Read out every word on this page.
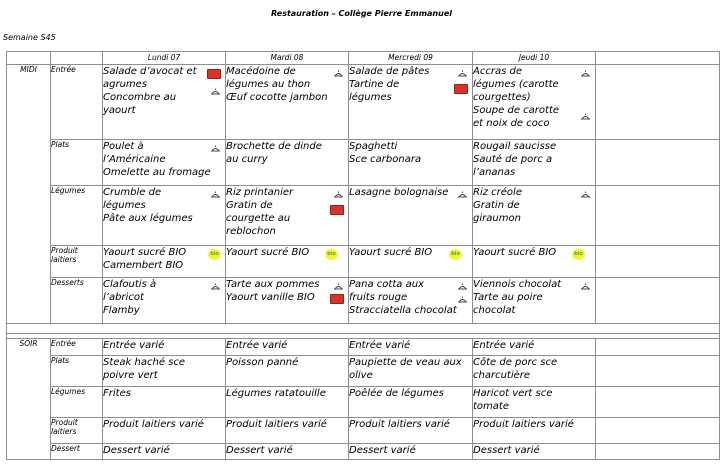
Restauration – Collège Pierre Emmanuel
Semaine S45
		Lundi 07	Mardi 08	Mercredi 09	Jeudi 10	
MIDI	Entrée	Salade d’avocat et
agrumes
Concombre au
yaourt	Macédoine de
légumes au thon
Œuf cocotte jambon	Salade de pâtes
Tartine de
légumes	Accras de
légumes (carotte
courgettes)
Soupe de carotte
et noix de coco	

	Plats	Poulet à
l’Américaine
Omelette au fromage	Brochette de dinde
au curry	Spaghetti
Sce carbonara	Rougail saucisse
Sauté de porc a
l’ananas	

	Légumes	Crumble de
légumes
Pâte aux légumes	Riz printanier
Gratin de
courgette au
reblochon	Lasagne bolognaise	Riz créole
Gratin de
giraumon	

	Produit
laitiers	Yaourt sucré BIO
Camembert BIO
bio	Yaourt sucré BIO bio	Yaourt sucré BIO bio	Yaourt sucré BIO bio	

	Desserts	Clafoutis à
l’abricot
Flamby	Tarte aux pommes
Yaourt vanille BIO	Pana cotta aux
fruits rouge
Stracciatella chocolat	Viennois chocolat
Tarte au poire
chocolat	

SOIR	Entrée	Entrée varié	Entrée varié	Entrée varié	Entrée varié	
	Plats	Steak haché sce
poivre vert	Poisson panné	Paupiette de veau aux
olive	Côte de porc sce
charcutière	

	Légumes	Frites	Légumes ratatouille	Poêlée de légumes	Haricot vert sce
tomate	

	Produit
laitiers	Produit laitiers varié	Produit laitiers varié	Produit laitiers varié	Produit laitiers varié	
	Dessert	Dessert varié	Dessert varié	Dessert varié	Dessert varié	
